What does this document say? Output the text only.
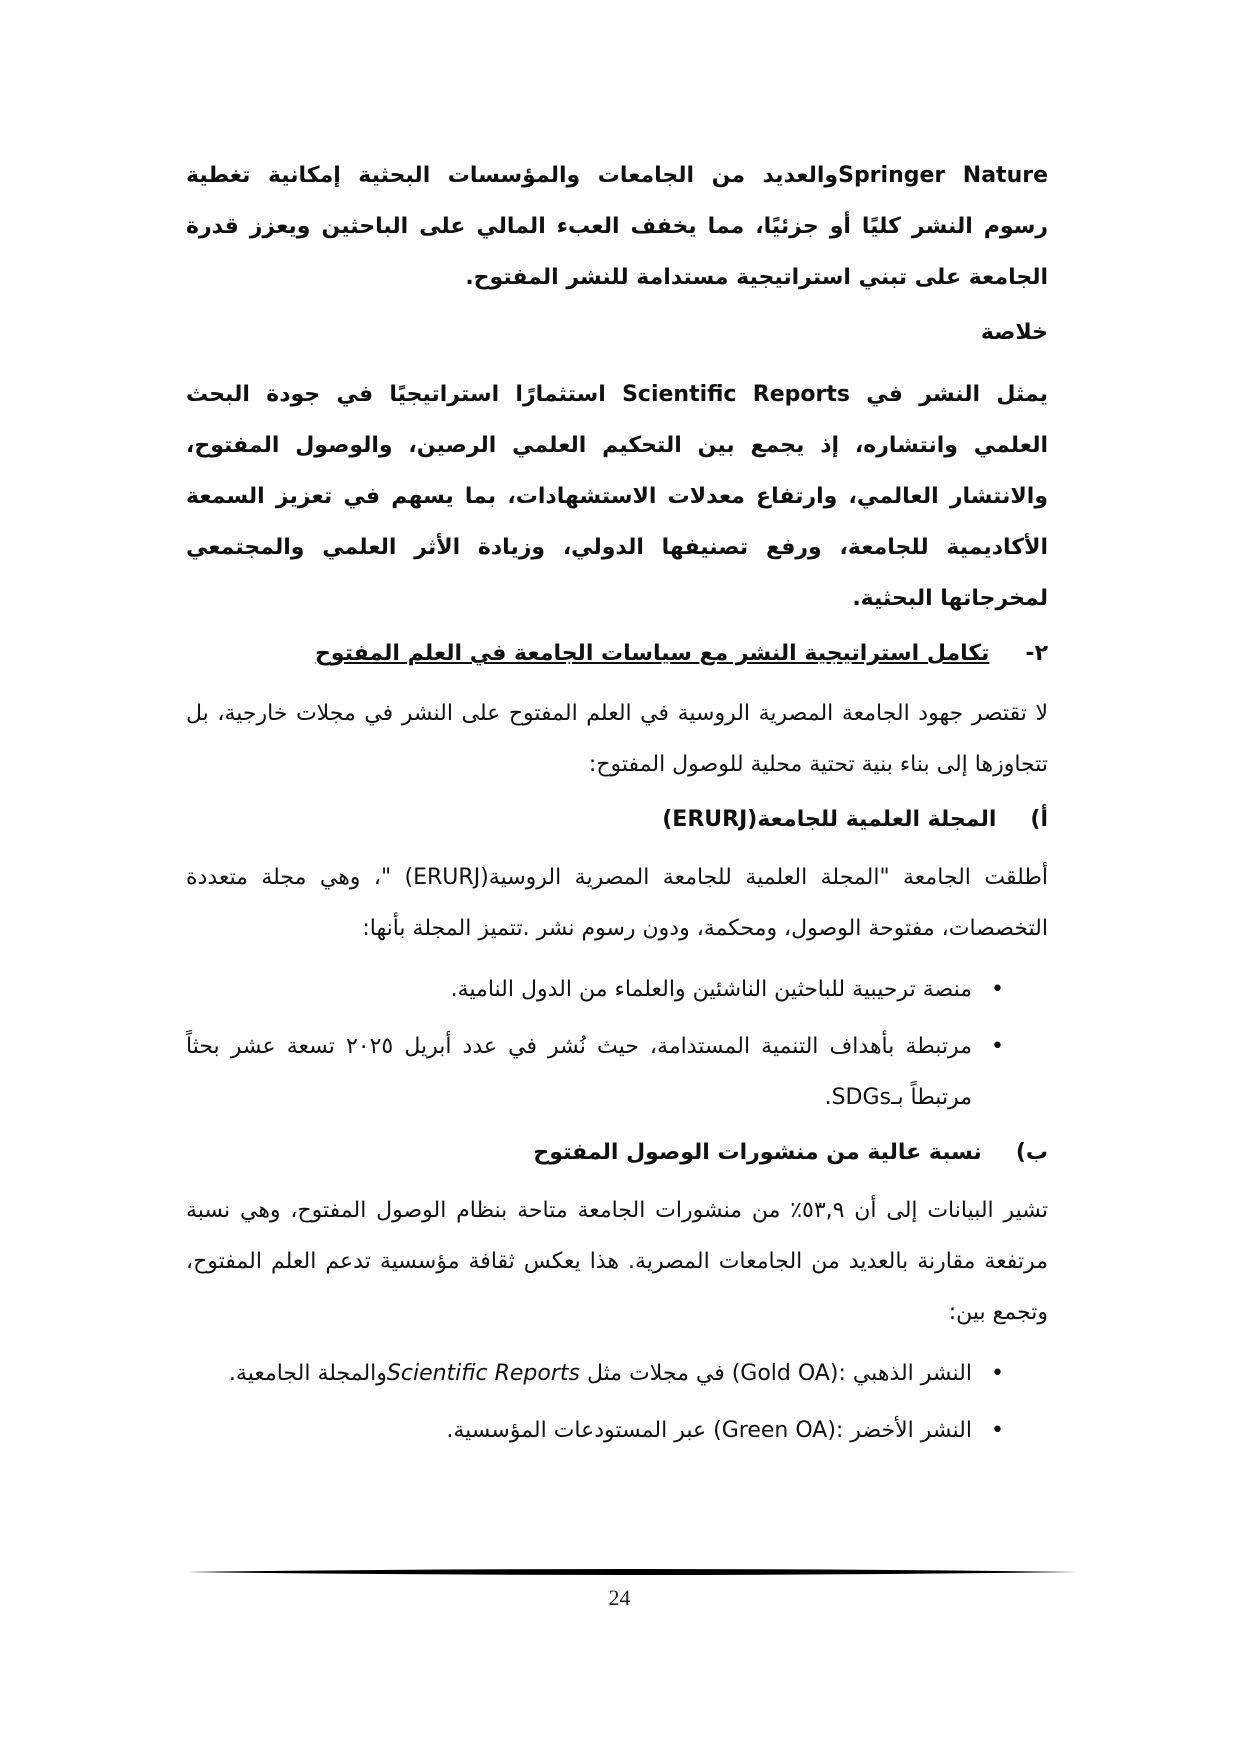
Springer Natureوالعديد من الجامعات والمؤسسات البحثية إمكانية تغطية رسوم النشر كليًا أو جزئيًا، مما يخفف العبء المالي على الباحثين ويعزز قدرة الجامعة على تبني استراتيجية مستدامة للنشر المفتوح.

خلاصة

يمثل النشر في Scientific Reports استثمارًا استراتيجيًا في جودة البحث العلمي وانتشاره، إذ يجمع بين التحكيم العلمي الرصين، والوصول المفتوح، والانتشار العالمي، وارتفاع معدلات الاستشهادات، بما يسهم في تعزيز السمعة الأكاديمية للجامعة، ورفع تصنيفها الدولي، وزيادة الأثر العلمي والمجتمعي لمخرجاتها البحثية.

٢-
تكامل استراتيجية النشر مع سياسات الجامعة في العلم المفتوح

لا تقتصر جهود الجامعة المصرية الروسية في العلم المفتوح على النشر في مجلات خارجية، بل تتجاوزها إلى بناء بنية تحتية محلية للوصول المفتوح:

أ)
المجلة العلمية للجامعة(ERURJ)

أطلقت الجامعة "المجلة العلمية للجامعة المصرية الروسية(ERURJ) "، وهي مجلة متعددة التخصصات، مفتوحة الوصول، ومحكمة، ودون رسوم نشر .تتميز المجلة بأنها:

•
منصة ترحيبية للباحثين الناشئين والعلماء من الدول النامية.
•
مرتبطة بأهداف التنمية المستدامة، حيث نُشر في عدد أبريل ٢٠٢٥ تسعة عشر بحثاً مرتبطاً بـSDGs.
ب)
نسبة عالية من منشورات الوصول المفتوح

تشير البيانات إلى أن ٥٣,٩٪ من منشورات الجامعة متاحة بنظام الوصول المفتوح، وهي نسبة مرتفعة مقارنة بالعديد من الجامعات المصرية. هذا يعكس ثقافة مؤسسية تدعم العلم المفتوح، وتجمع بين:

•
النشر الذهبي :(Gold OA) في مجلات مثل Scientific Reportsوالمجلة الجامعية.
•
النشر الأخضر :(Green OA) عبر المستودعات المؤسسية.
24
